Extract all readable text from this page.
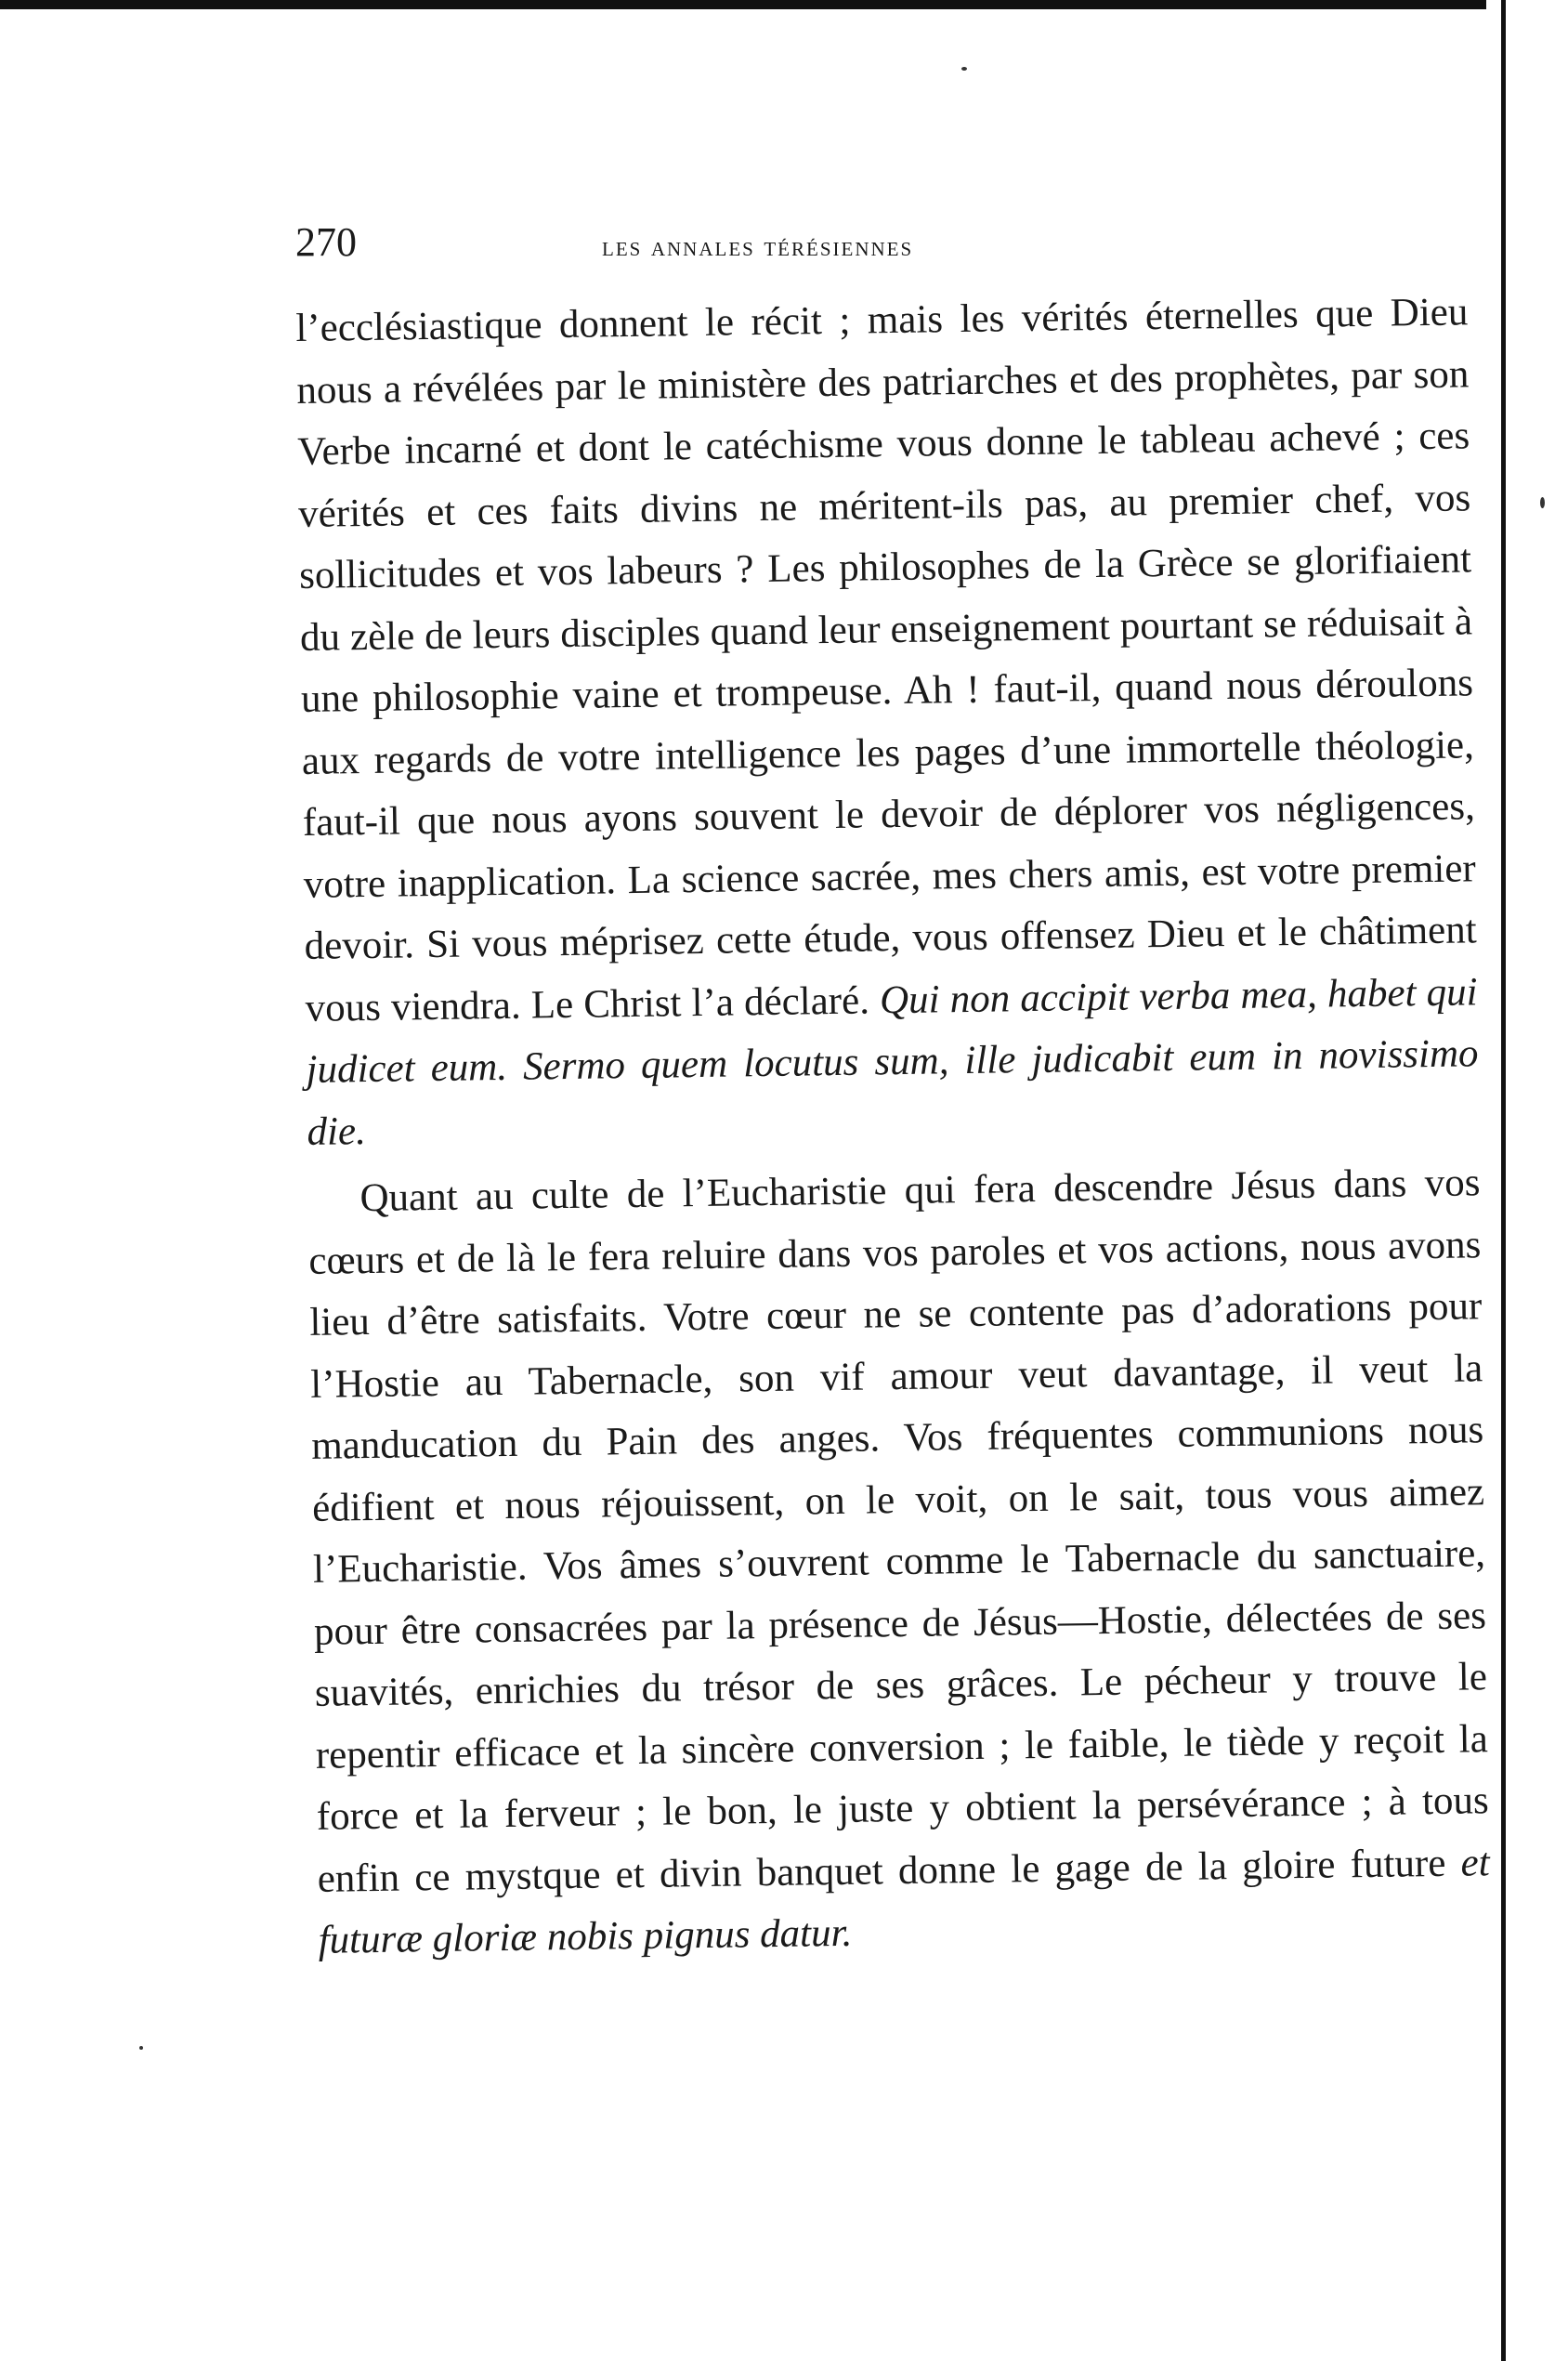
270	les annales térésiennes

l’ecclésiastique donnent le récit ; mais les vérités éternelles que Dieu nous a révélées par le ministère des patriarches et des prophètes, par son Verbe incarné et dont le catéchisme vous donne le tableau achevé ; ces vérités et ces faits divins ne méritent-ils pas, au premier chef, vos sollicitudes et vos labeurs ? Les philosophes de la Grèce se glorifiaient du zèle de leurs disciples quand leur enseignement pourtant se réduisait à une philosophie vaine et trompeuse. Ah ! faut-il, quand nous déroulons aux regards de votre intelligence les pages d’une immortelle théologie, faut-il que nous ayons souvent le devoir de déplorer vos négligences, votre inapplication. La science sacrée, mes chers amis, est votre premier devoir. Si vous méprisez cette étude, vous offensez Dieu et le châtiment vous viendra. Le Christ l’a déclaré. Qui non accipit verba mea, habet qui judicet eum. Sermo quem locutus sum, ille judicabit eum in novissimo die.

Quant au culte de l’Eucharistie qui fera descendre Jésus dans vos cœurs et de là le fera reluire dans vos paroles et vos actions, nous avons lieu d’être satisfaits. Votre cœur ne se contente pas d’adorations pour l’Hostie au Tabernacle, son vif amour veut davantage, il veut la manducation du Pain des anges. Vos fréquentes communions nous édifient et nous réjouissent, on le voit, on le sait, tous vous aimez l’Eucharistie. Vos âmes s’ouvrent comme le Tabernacle du sanctuaire, pour être consacrées par la présence de Jésus—Hostie, délectées de ses suavités, enrichies du trésor de ses grâces. Le pécheur y trouve le repentir efficace et la sincère conversion ; le faible, le tiède y reçoit la force et la ferveur ; le bon, le juste y obtient la persévérance ; à tous enfin ce mystque et divin banquet donne le gage de la gloire future et futuræ gloriæ nobis pignus datur.
